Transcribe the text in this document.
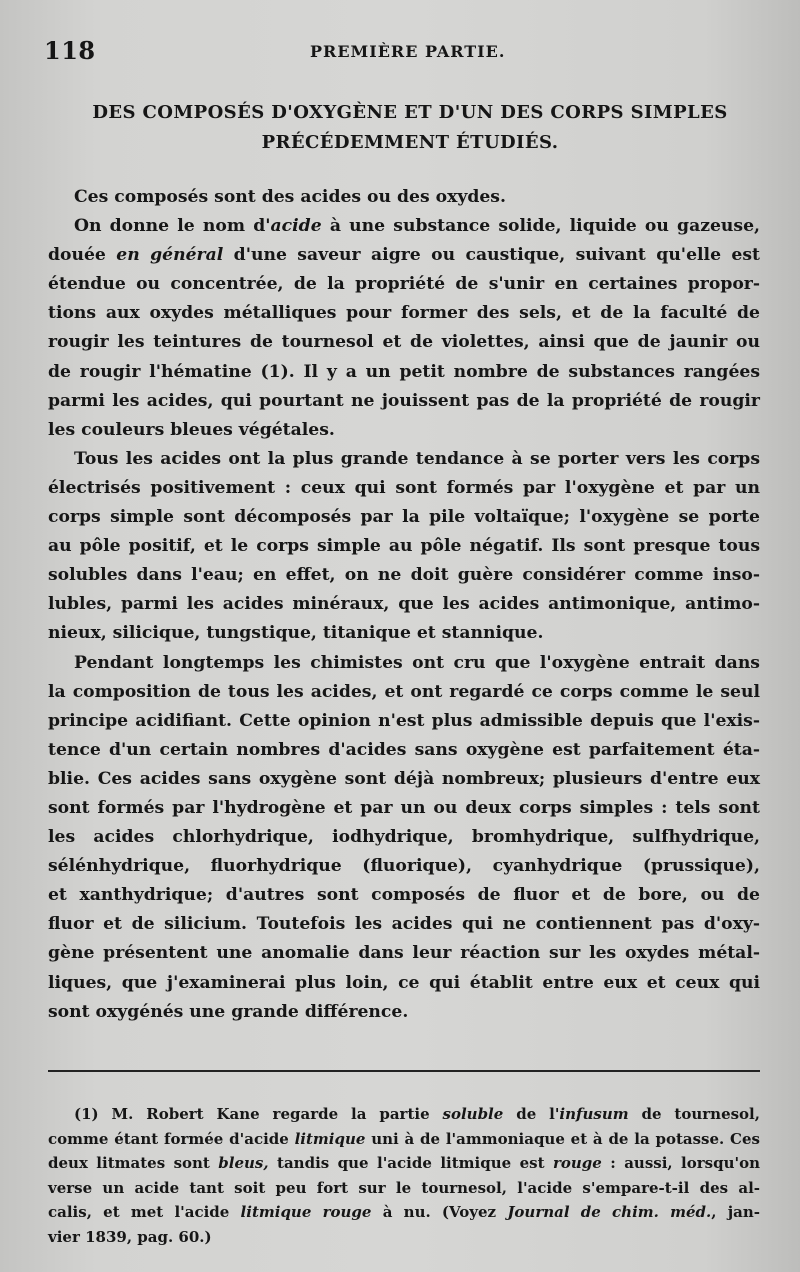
118	PREMIÈRE PARTIE.
DES COMPOSÉS D'OXYGÈNE ET D'UN DES CORPS SIMPLES
PRÉCÉDEMMENT ÉTUDIÉS.

Ces composés sont des acides ou des oxydes.

On donne le nom d'acide à une substance solide, liquide ou gazeuse,
douée en général d'une saveur aigre ou caustique, suivant qu'elle est
étendue ou concentrée, de la propriété de s'unir en certaines propor-
tions aux oxydes métalliques pour former des sels, et de la faculté de
rougir les teintures de tournesol et de violettes, ainsi que de jaunir ou
de rougir l'hématine (1). Il y a un petit nombre de substances rangées
parmi les acides, qui pourtant ne jouissent pas de la propriété de rougir
les couleurs bleues végétales.

Tous les acides ont la plus grande tendance à se porter vers les corps
électrisés positivement : ceux qui sont formés par l'oxygène et par un
corps simple sont décomposés par la pile voltaïque; l'oxygène se porte
au pôle positif, et le corps simple au pôle négatif. Ils sont presque tous
solubles dans l'eau; en effet, on ne doit guère considérer comme inso-
lubles, parmi les acides minéraux, que les acides antimonique, antimo-
nieux, silicique, tungstique, titanique et stannique.

Pendant longtemps les chimistes ont cru que l'oxygène entrait dans
la composition de tous les acides, et ont regardé ce corps comme le seul
principe acidifiant. Cette opinion n'est plus admissible depuis que l'exis-
tence d'un certain nombres d'acides sans oxygène est parfaitement éta-
blie. Ces acides sans oxygène sont déjà nombreux; plusieurs d'entre eux
sont formés par l'hydrogène et par un ou deux corps simples : tels sont
les acides chlorhydrique, iodhydrique, bromhydrique, sulfhydrique,
sélénhydrique, fluorhydrique (fluorique), cyanhydrique (prussique),
et xanthydrique; d'autres sont composés de fluor et de bore, ou de
fluor et de silicium. Toutefois les acides qui ne contiennent pas d'oxy-
gène présentent une anomalie dans leur réaction sur les oxydes métal-
liques, que j'examinerai plus loin, ce qui établit entre eux et ceux qui
sont oxygénés une grande différence.

(1) M. Robert Kane regarde la partie soluble de l'infusum de tournesol,
comme étant formée d'acide litmique uni à de l'ammoniaque et à de la potasse. Ces
deux litmates sont bleus, tandis que l'acide litmique est rouge : aussi, lorsqu'on
verse un acide tant soit peu fort sur le tournesol, l'acide s'empare-t-il des al-
calis, et met l'acide litmique rouge à nu. (Voyez Journal de chim. méd., jan-
vier 1839, pag. 60.)
